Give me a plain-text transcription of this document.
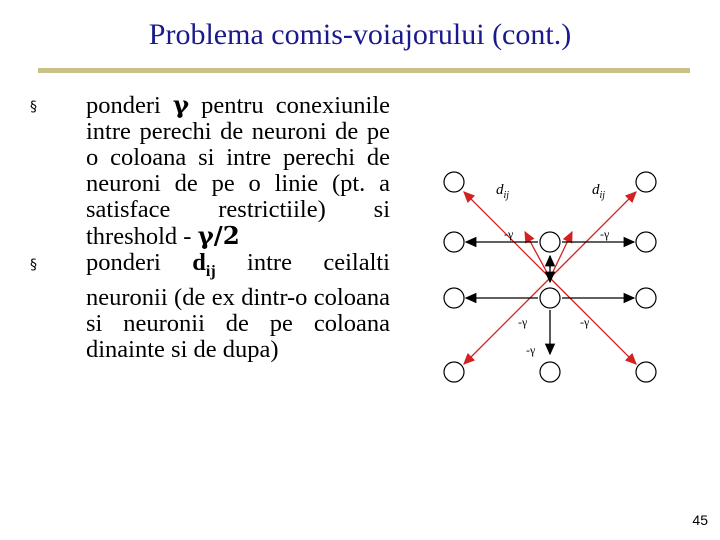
Problema comis-voiajorului (cont.)
§ ponderi γ pentru conexiunile intre perechi de neuroni de pe o coloana si intre perechi de neuroni de pe o linie (pt. a satisface restrictiile) si threshold - γ/2
§ ponderi $d_{ij}$ intre ceilalti neuronii (de ex dintr-o coloana si neuronii de pe coloana dinainte si de dupa)
$d_{ij}$	$d_{ij}$
-γ	-γ
-γ	-γ
-γ
45
